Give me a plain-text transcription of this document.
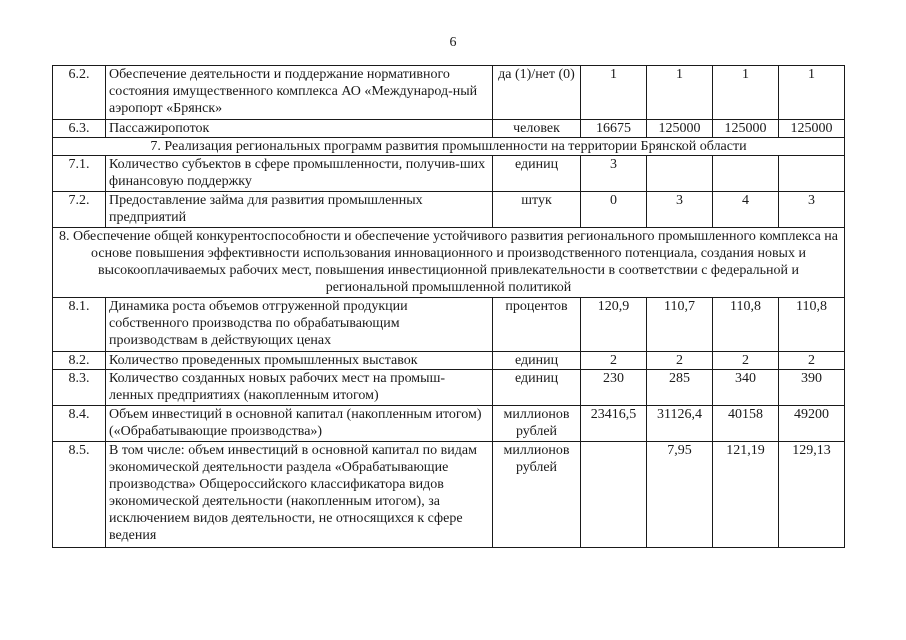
6
6.2.	Обеспечение деятельности и поддержание нормативного состояния имущественного комплекса АО «Международ-ный аэропорт «Брянск»	да (1)/нет (0)	1	1	1	1
6.3.	Пассажиропоток	человек	16675	125000	125000	125000
7. Реализация региональных программ развития промышленности на территории Брянской области						
7.1.	Количество субъектов в сфере промышленности, получив-ших финансовую поддержку	единиц	3			
7.2.	Предоставление займа для развития промышленных предприятий	штук	0	3	4	3
8. Обеспечение общей конкурентоспособности и обеспечение устойчивого развития регионального промышленного комплекса на основе повышения эффективности использования инновационного и производственного потенциала, создания новых и высокооплачиваемых рабочих мест, повышения инвестиционной привлекательности в соответствии с федеральной и региональной промышленной политикой						
8.1.	Динамика роста объемов отгруженной продукции собственного производства по обрабатывающим производствам в действующих ценах	процентов	120,9	110,7	110,8	110,8
8.2.	Количество проведенных промышленных выставок	единиц	2	2	2	2
8.3.	Количество созданных новых рабочих мест на промыш-ленных предприятиях (накопленным итогом)	единиц	230	285	340	390
8.4.	Объем инвестиций в основной капитал (накопленным итогом) («Обрабатывающие производства»)	миллионов рублей	23416,5	31126,4	40158	49200
8.5.	В том числе: объем инвестиций в основной капитал по видам экономической деятельности раздела «Обрабатывающие производства» Общероссийского классификатора видов экономической деятельности (накопленным итогом), за исключением видов деятельности, не относящихся к сфере ведения	миллионов рублей		7,95	121,19	129,13
